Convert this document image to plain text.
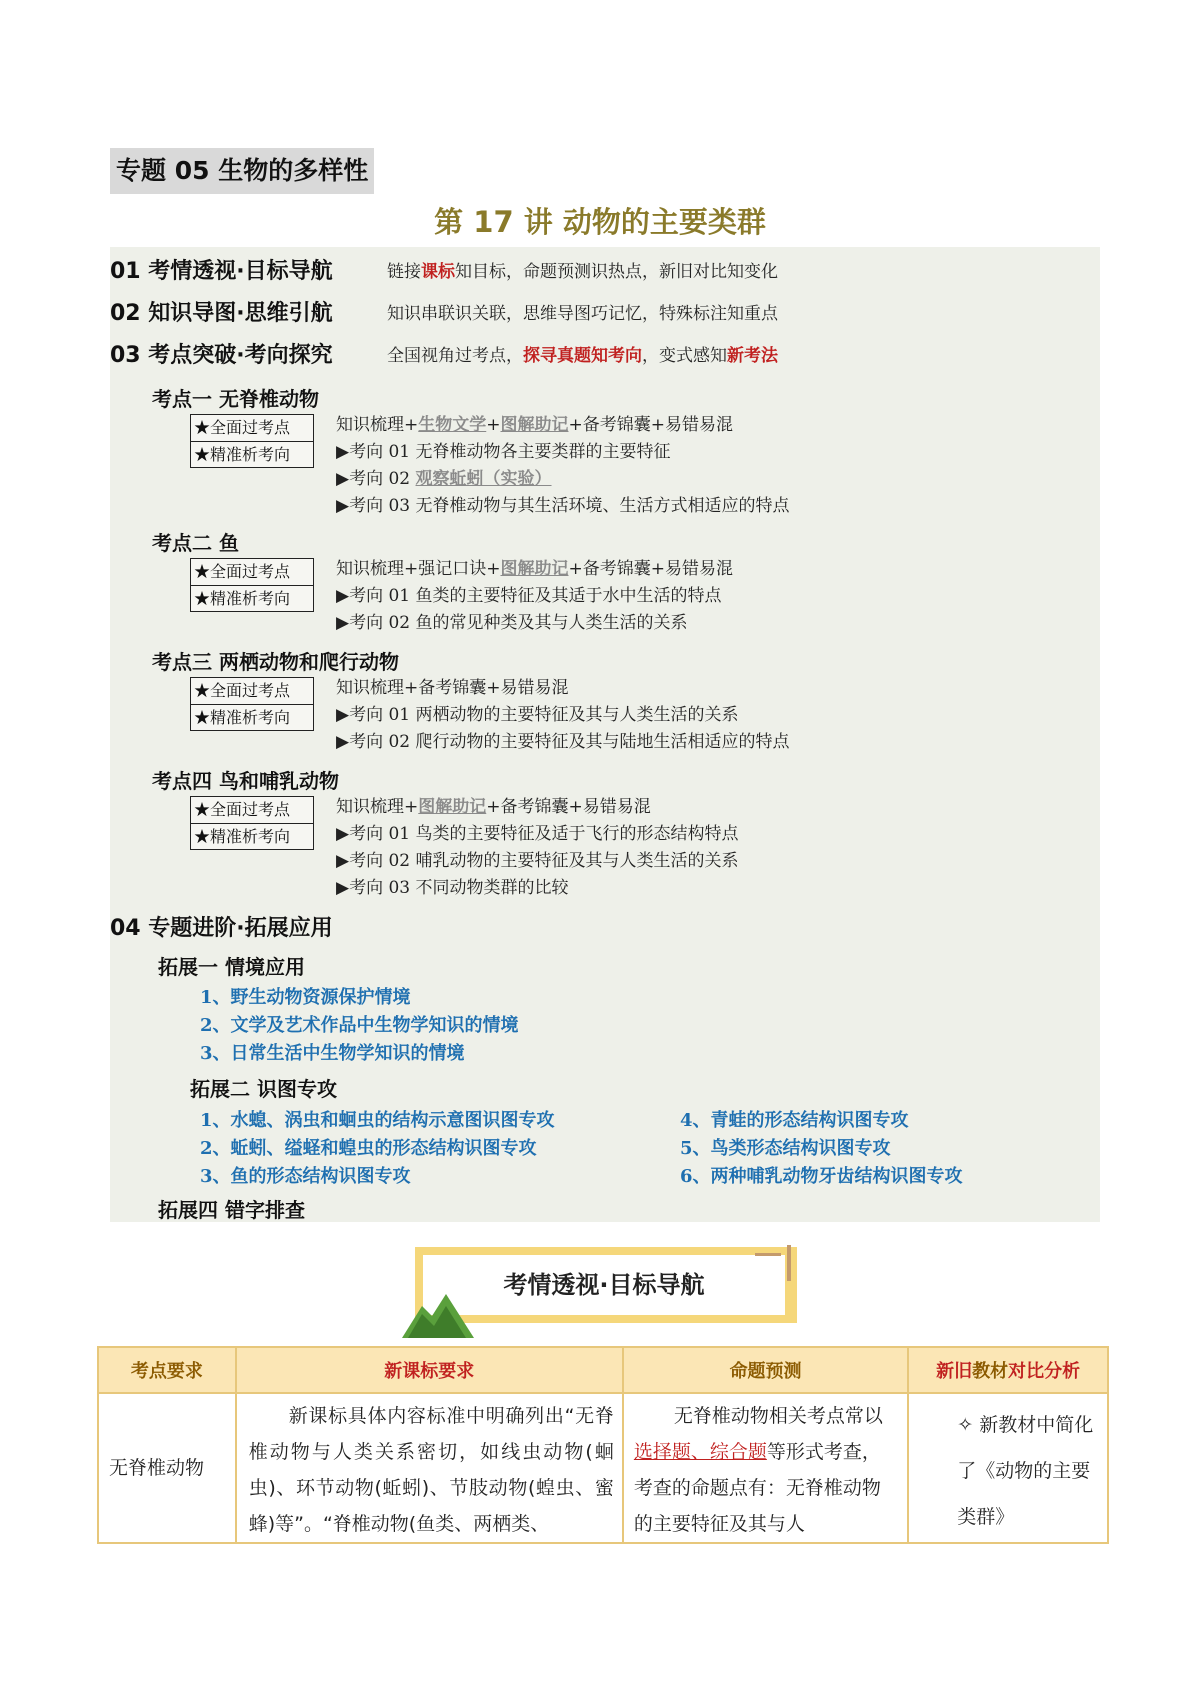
专题 05 生物的多样性
第 17 讲 动物的主要类群
01 考情透视·目标导航	链接课标知目标，命题预测识热点，新旧对比知变化
02 知识导图·思维引航	知识串联识关联，思维导图巧记忆，特殊标注知重点
03 考点突破·考向探究	全国视角过考点，探寻真题知考向，变式感知新考法
考点一 无脊椎动物
★全面过考点
★精准析考向
知识梳理+生物文学+图解助记+备考锦囊+易错易混
▶考向 01 无脊椎动物各主要类群的主要特征
▶考向 02 观察蚯蚓（实验）
▶考向 03 无脊椎动物与其生活环境、生活方式相适应的特点
考点二 鱼
★全面过考点
★精准析考向
知识梳理+强记口诀+图解助记+备考锦囊+易错易混
▶考向 01 鱼类的主要特征及其适于水中生活的特点
▶考向 02 鱼的常见种类及其与人类生活的关系
考点三 两栖动物和爬行动物
★全面过考点
★精准析考向
知识梳理+备考锦囊+易错易混
▶考向 01 两栖动物的主要特征及其与人类生活的关系
▶考向 02 爬行动物的主要特征及其与陆地生活相适应的特点
考点四 鸟和哺乳动物
★全面过考点
★精准析考向
知识梳理+图解助记+备考锦囊+易错易混
▶考向 01 鸟类的主要特征及适于飞行的形态结构特点
▶考向 02 哺乳动物的主要特征及其与人类生活的关系
▶考向 03 不同动物类群的比较
04 专题进阶·拓展应用
拓展一 情境应用
1、野生动物资源保护情境
2、文学及艺术作品中生物学知识的情境
3、日常生活中生物学知识的情境
拓展二 识图专攻
1、水螅、涡虫和蛔虫的结构示意图识图专攻
2、蚯蚓、缢蛏和蝗虫的形态结构识图专攻
3、鱼的形态结构识图专攻
4、青蛙的形态结构识图专攻
5、鸟类形态结构识图专攻
6、两种哺乳动物牙齿结构识图专攻
拓展四 错字排查
考情透视·目标导航
考点要求	新课标要求	命题预测	新旧教材对比分析
无脊椎动物	新课标具体内容标准中明确列出“无脊椎动物与人类关系密切，如线虫动物(蛔虫)、环节动物(蚯蚓)、节肢动物(蝗虫、蜜蜂)等”。“脊椎动物(鱼类、两栖类、	无脊椎动物相关考点常以选择题、综合题等形式考查，考查的命题点有：无脊椎动物的主要特征及其与人	✧ 新教材中简化了《动物的主要类群》
